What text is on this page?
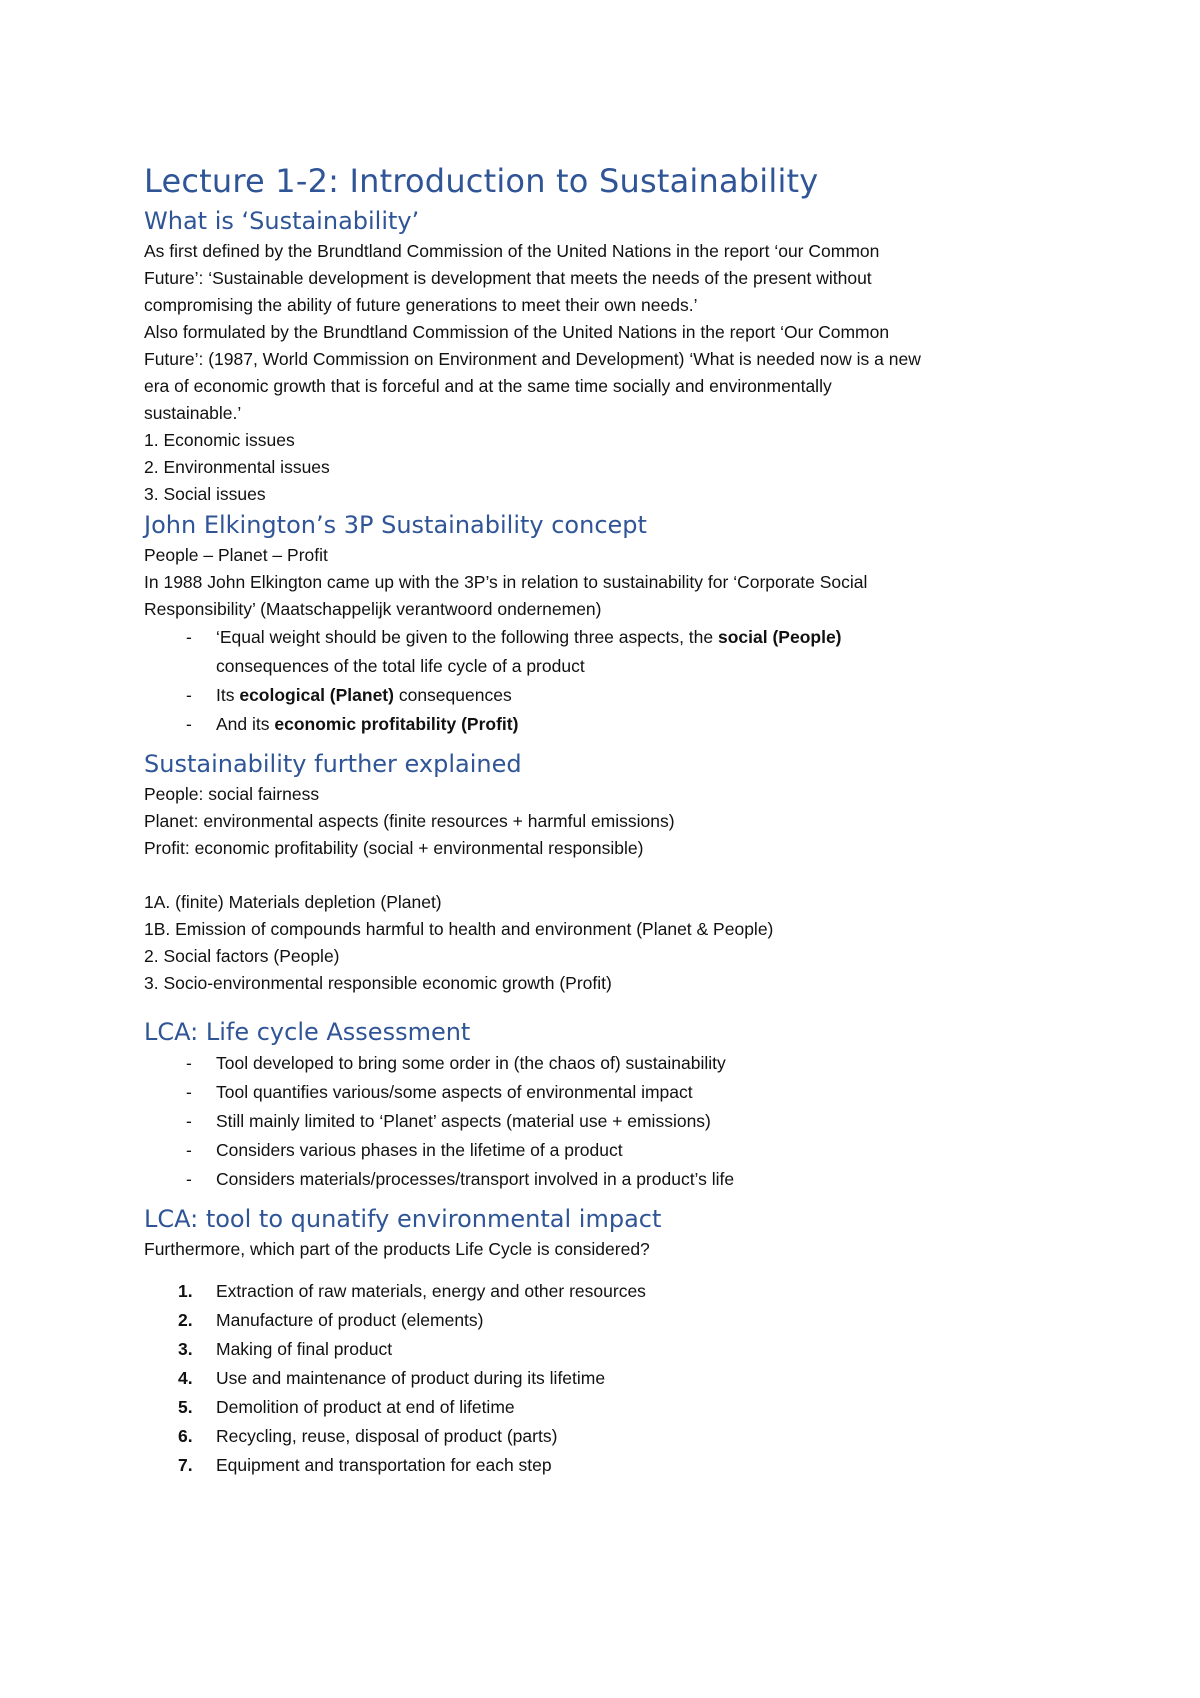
Lecture 1-2: Introduction to Sustainability
What is ‘Sustainability’

As first defined by the Brundtland Commission of the United Nations in the report ‘our Common

Future’: ‘Sustainable development is development that meets the needs of the present without

compromising the ability of future generations to meet their own needs.’

Also formulated by the Brundtland Commission of the United Nations in the report ‘Our Common

Future’: (1987, World Commission on Environment and Development) ‘What is needed now is a new

era of economic growth that is forceful and at the same time socially and environmentally

sustainable.’

1. Economic issues

2. Environmental issues

3. Social issues

John Elkington’s 3P Sustainability concept

People – Planet – Profit

In 1988 John Elkington came up with the 3P’s in relation to sustainability for ‘Corporate Social

Responsibility’ (Maatschappelijk verantwoord ondernemen)

- ‘Equal weight should be given to the following three aspects, the social (People)
consequences of the total life cycle of a product
- Its ecological (Planet) consequences
- And its economic profitability (Profit)
Sustainability further explained

People: social fairness

Planet: environmental aspects (finite resources + harmful emissions)

Profit: economic profitability (social + environmental responsible)

1A. (finite) Materials depletion (Planet)

1B. Emission of compounds harmful to health and environment (Planet & People)

2. Social factors (People)

3. Socio-environmental responsible economic growth (Profit)

LCA: Life cycle Assessment
- Tool developed to bring some order in (the chaos of) sustainability
- Tool quantifies various/some aspects of environmental impact
- Still mainly limited to ‘Planet’ aspects (material use + emissions)
- Considers various phases in the lifetime of a product
- Considers materials/processes/transport involved in a product’s life
LCA: tool to qunatify environmental impact

Furthermore, which part of the products Life Cycle is considered?

1.	Extraction of raw materials, energy and other resources
2.	Manufacture of product (elements)
3.	Making of final product
4.	Use and maintenance of product during its lifetime
5.	Demolition of product at end of lifetime
6.	Recycling, reuse, disposal of product (parts)
7.	Equipment and transportation for each step
